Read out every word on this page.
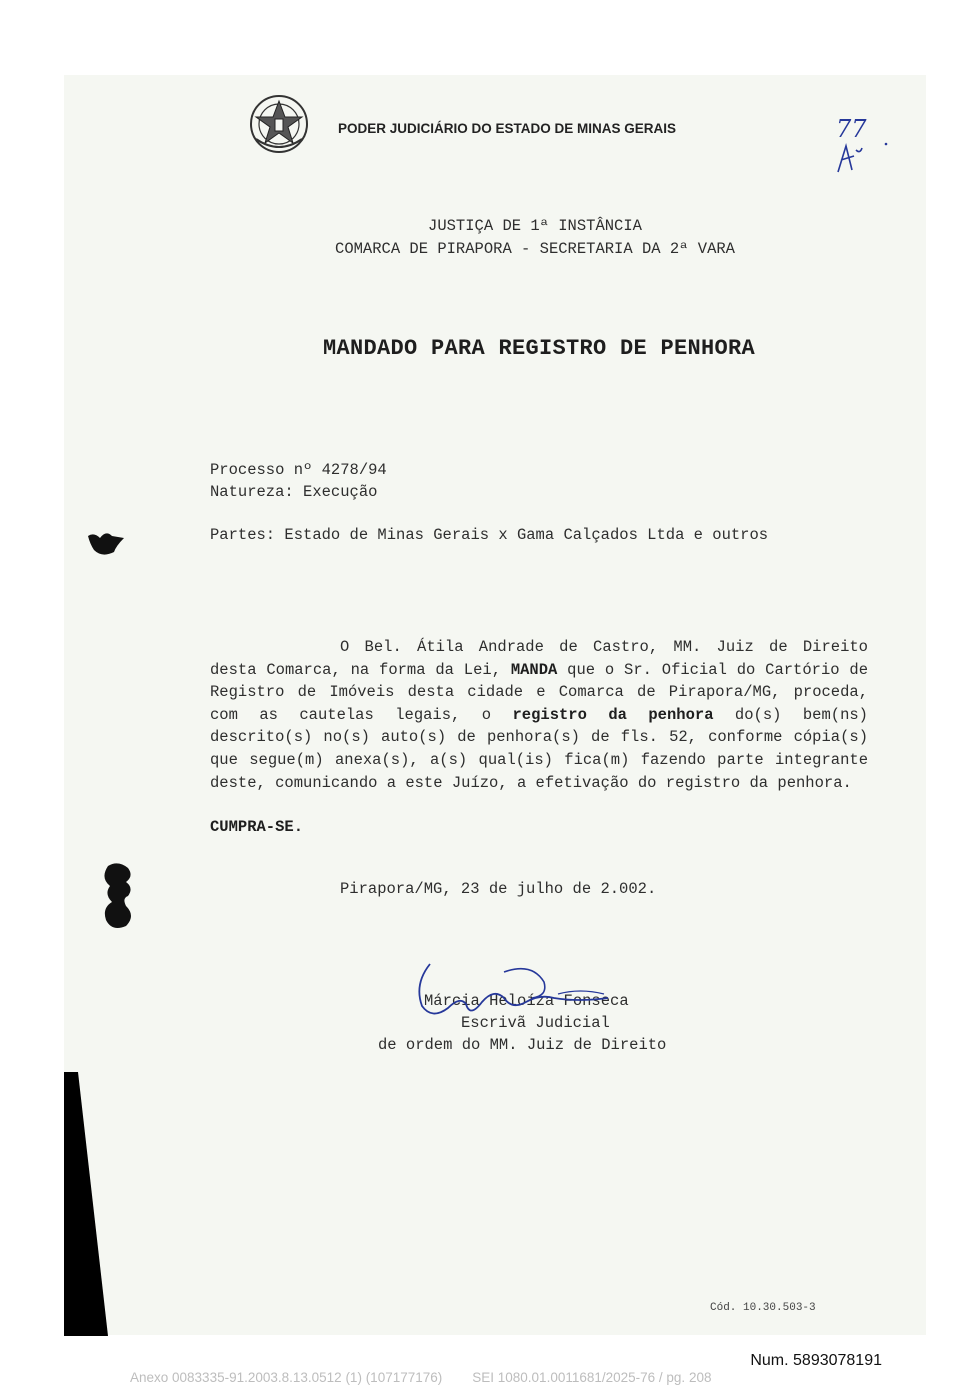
PODER JUDICIÁRIO DO ESTADO DE MINAS GERAIS	77
JUSTIÇA DE 1ª INSTÂNCIA
COMARCA DE PIRAPORA - SECRETARIA DA 2ª VARA
MANDADO PARA REGISTRO DE PENHORA
Processo nº 4278/94
Natureza: Execução
Partes: Estado de Minas Gerais x Gama Calçados Ltda e outros
O Bel. Átila Andrade de Castro, MM. Juiz de Direito desta Comarca, na forma da Lei, MANDA que o Sr. Oficial do Cartório de Registro de Imóveis desta cidade e Comarca de Pirapora/MG, proceda, com as cautelas legais, o registro da penhora do(s) bem(ns) descrito(s) no(s) auto(s) de penhora(s) de fls. 52, conforme cópia(s) que segue(m) anexa(s), a(s) qual(is) fica(m) fazendo parte integrante deste, comunicando a este Juízo, a efetivação do registro da penhora.
CUMPRA-SE.
Pirapora/MG, 23 de julho de 2.002.
Márcia Heloíza Fonseca
Escrivã Judicial
de ordem do MM. Juiz de Direito
Cód. 10.30.503-3
Num. 5893078191
Anexo 0083335-91.2003.8.13.0512 (1) (107177176)        SEI 1080.01.0011681/2025-76 / pg. 208
